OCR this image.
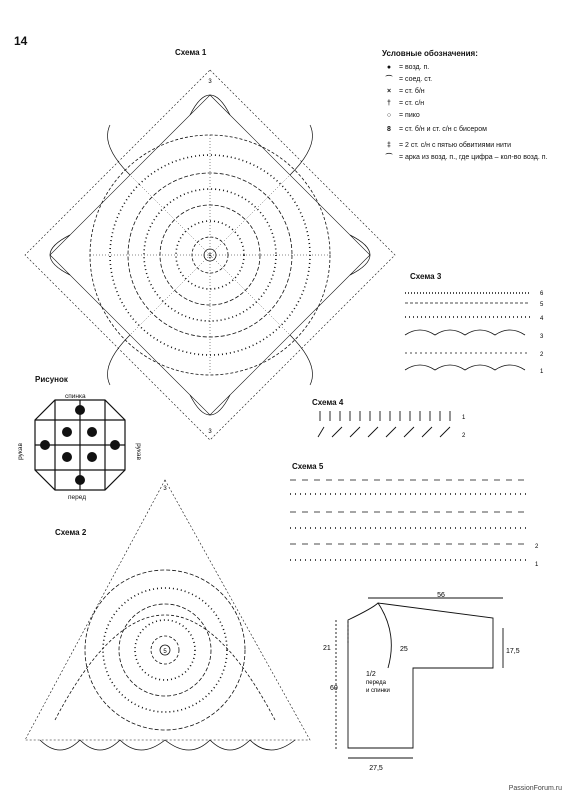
14
Схема 1
5
3
3
Условные обозначения:
●	= возд. п.
⌒ = соед. ст.
×	= ст. б/н
†	= ст. с/н
○	= пико
8	= ст. б/н и ст. с/н с бисером
‡	= 2 ст. с/н с пятью обвитиями нити
⌒ = арка из возд. п., где цифра – кол-во возд. п.
Схема 3
1
2
3
4
5
6
Рисунок
спинка
перед
рукав	рукав
Схема 4
1
2
Схема 5
2
1
Схема 2
5
3
56
21	25
60
17,5
27,5
1/2
переда
и спинки
PassionForum.ru
